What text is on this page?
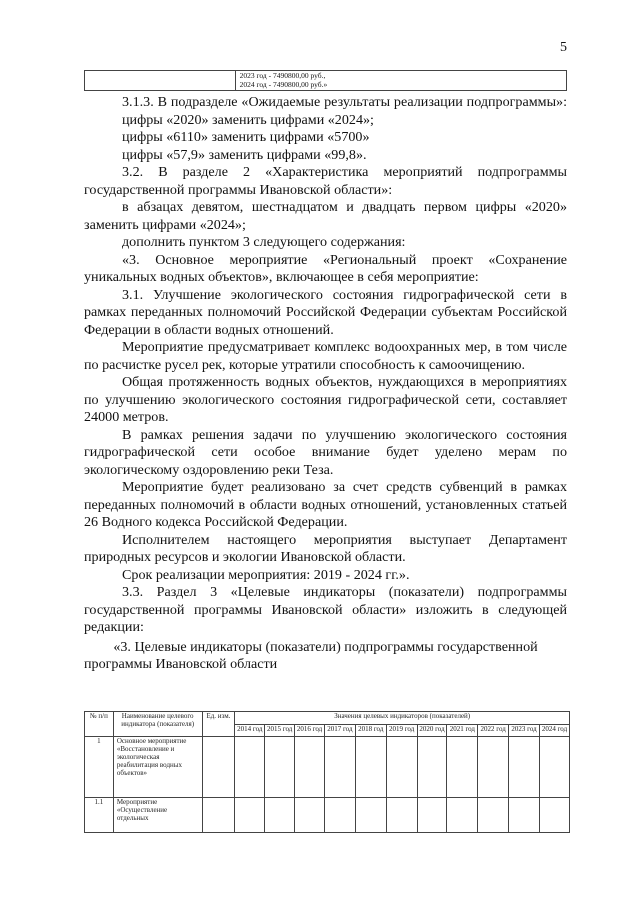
5

2023 год - 7490800,00 руб.,
2024 год - 7490800,00 руб.»

3.1.3. В подразделе «Ожидаемые результаты реализации подпрограммы»:

цифры «2020» заменить цифрами «2024»;

цифры «6110» заменить цифрами «5700»

цифры «57,9» заменить цифрами «99,8».

3.2. В разделе 2 «Характеристика мероприятий подпрограммы государственной программы Ивановской области»:

в абзацах девятом, шестнадцатом и двадцать первом цифры «2020» заменить цифрами «2024»;

дополнить пунктом 3 следующего содержания:

«3. Основное мероприятие «Региональный проект «Сохранение уникальных водных объектов», включающее в себя мероприятие:

3.1. Улучшение экологического состояния гидрографической сети в рамках переданных полномочий Российской Федерации субъектам Российской Федерации в области водных отношений.

Мероприятие предусматривает комплекс водоохранных мер, в том числе по расчистке русел рек, которые утратили способность к самоочищению.

Общая протяженность водных объектов, нуждающихся в мероприятиях по улучшению экологического состояния гидрографической сети, составляет 24000 метров.

В рамках решения задачи по улучшению экологического состояния гидрографической сети особое внимание будет уделено мерам по экологическому оздоровлению реки Теза.

Мероприятие будет реализовано за счет средств субвенций в рамках переданных полномочий в области водных отношений, установленных статьей 26 Водного кодекса Российской Федерации.

Исполнителем настоящего мероприятия выступает Департамент природных ресурсов и экологии Ивановской области.

Срок реализации мероприятия: 2019 - 2024 гг.».

3.3. Раздел 3 «Целевые индикаторы (показатели) подпрограммы государственной программы Ивановской области» изложить в следующей редакции:

«3. Целевые индикаторы (показатели) подпрограммы государственной программы Ивановской области

№ п/п	Наименование целевого индикатора (показателя)	Ед. изм.	Значения целевых индикаторов (показателей)										
			2014 год	2015 год	2016 год	2017 год	2018 год	2019 год	2020 год	2021 год	2022 год	2023 год	2024 год
1	Основное мероприятие «Восстановление и экологическая реабилитация водных объектов»												
1.1	Мероприятие «Осуществление отдельных												
